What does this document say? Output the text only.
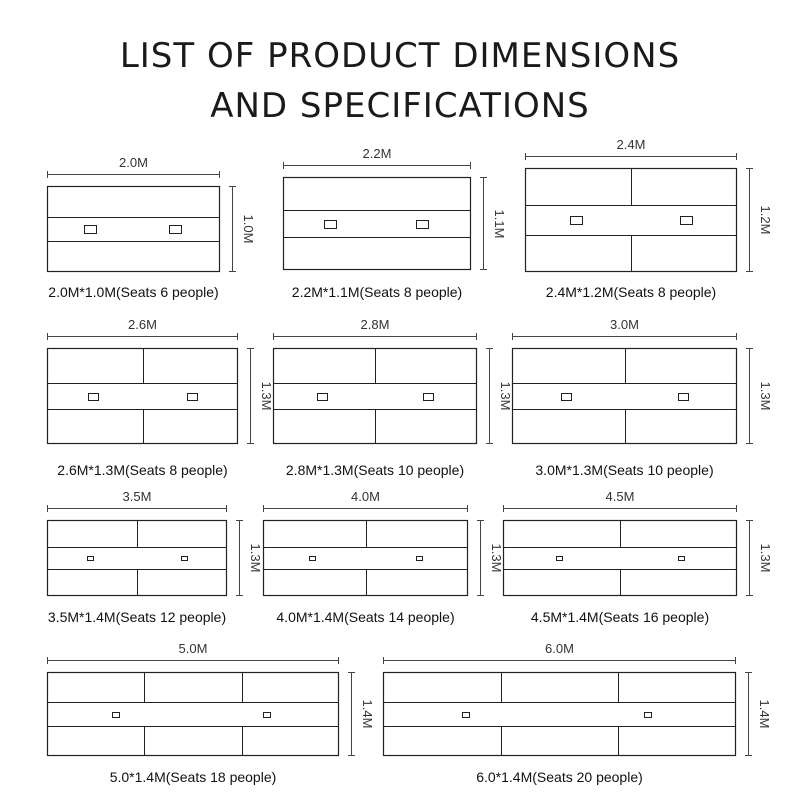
LIST OF PRODUCT DIMENSIONS
AND SPECIFICATIONS
2.0M
1.0M
2.0M*1.0M(Seats 6 people)
2.2M
1.1M
2.2M*1.1M(Seats 8 people)
2.4M
1.2M
2.4M*1.2M(Seats 8 people)
2.6M
1.3M
2.6M*1.3M(Seats 8 people)
2.8M
1.3M
2.8M*1.3M(Seats 10 people)
3.0M
1.3M
3.0M*1.3M(Seats 10 people)
3.5M
1.3M
3.5M*1.4M(Seats 12 people)
4.0M
1.3M
4.0M*1.4M(Seats 14 people)
4.5M
1.3M
4.5M*1.4M(Seats 16 people)
5.0M
1.4M
5.0*1.4M(Seats 18 people)
6.0M
1.4M
6.0*1.4M(Seats 20 people)
